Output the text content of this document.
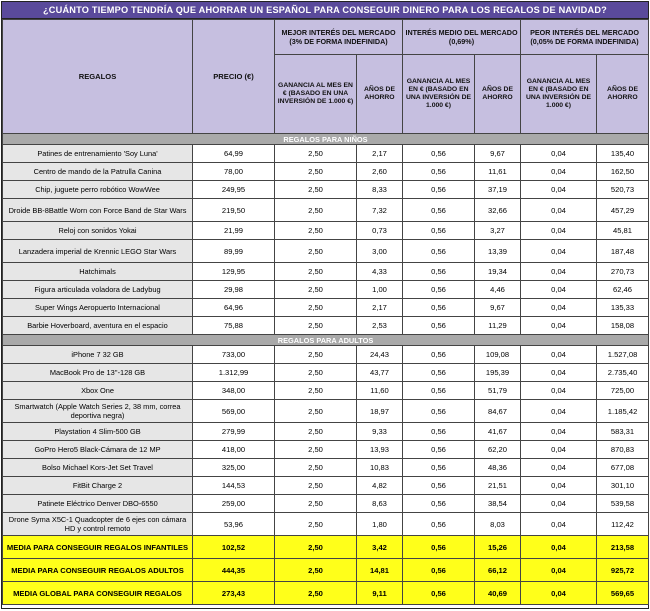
¿CUÁNTO TIEMPO TENDRÍA QUE AHORRAR UN ESPAÑOL PARA CONSEGUIR DINERO PARA LOS REGALOS DE NAVIDAD?
REGALOS	PRECIO (€)	MEJOR INTERÉS DEL MERCADO (3% DE FORMA INDEFINIDA)		INTERÉS MEDIO DEL MERCADO (0,69%)		PEOR INTERÉS DEL MERCADO (0,05% DE FORMA INDEFINIDA)	
		GANANCIA AL MES EN € (BASADO EN UNA INVERSIÓN DE 1.000 €)	AÑOS DE AHORRO	GANANCIA AL MES EN € (BASADO EN UNA INVERSIÓN DE 1.000 €)	AÑOS DE AHORRO	GANANCIA AL MES EN € (BASADO EN UNA INVERSIÓN DE 1.000 €)	AÑOS DE AHORRO
REGALOS PARA NIÑOS							
Patines de entrenamiento 'Soy Luna'	64,99	2,50	2,17	0,56	9,67	0,04	135,40
Centro de mando de la Patrulla Canina	78,00	2,50	2,60	0,56	11,61	0,04	162,50
Chip, juguete perro robótico WowWee	249,95	2,50	8,33	0,56	37,19	0,04	520,73
Droide BB-8Battle Worn con Force Band de Star Wars	219,50	2,50	7,32	0,56	32,66	0,04	457,29
Reloj con sonidos Yokai	21,99	2,50	0,73	0,56	3,27	0,04	45,81
Lanzadera imperial de Krennic LEGO Star Wars	89,99	2,50	3,00	0,56	13,39	0,04	187,48
Hatchimals	129,95	2,50	4,33	0,56	19,34	0,04	270,73
Figura articulada voladora de Ladybug	29,98	2,50	1,00	0,56	4,46	0,04	62,46
Super Wings Aeropuerto Internacional	64,96	2,50	2,17	0,56	9,67	0,04	135,33
Barbie Hoverboard, aventura en el espacio	75,88	2,50	2,53	0,56	11,29	0,04	158,08
REGALOS PARA ADULTOS							
iPhone 7 32 GB	733,00	2,50	24,43	0,56	109,08	0,04	1.527,08
MacBook Pro de 13''-128 GB	1.312,99	2,50	43,77	0,56	195,39	0,04	2.735,40
Xbox One	348,00	2,50	11,60	0,56	51,79	0,04	725,00
Smartwatch (Apple Watch Series 2, 38 mm, correa deportiva negra)	569,00	2,50	18,97	0,56	84,67	0,04	1.185,42
Playstation 4 Slim-500 GB	279,99	2,50	9,33	0,56	41,67	0,04	583,31
GoPro Hero5 Black-Cámara de 12 MP	418,00	2,50	13,93	0,56	62,20	0,04	870,83
Bolso Michael Kors-Jet Set Travel	325,00	2,50	10,83	0,56	48,36	0,04	677,08
FitBit Charge 2	144,53	2,50	4,82	0,56	21,51	0,04	301,10
Patinete Eléctrico Denver DBO-6550	259,00	2,50	8,63	0,56	38,54	0,04	539,58
Drone Syma X5C-1 Quadcopter de 6 ejes con cámara HD y control remoto	53,96	2,50	1,80	0,56	8,03	0,04	112,42
MEDIA PARA CONSEGUIR REGALOS INFANTILES	102,52	2,50	3,42	0,56	15,26	0,04	213,58
MEDIA PARA CONSEGUIR REGALOS ADULTOS	444,35	2,50	14,81	0,56	66,12	0,04	925,72
MEDIA GLOBAL PARA CONSEGUIR REGALOS	273,43	2,50	9,11	0,56	40,69	0,04	569,65
